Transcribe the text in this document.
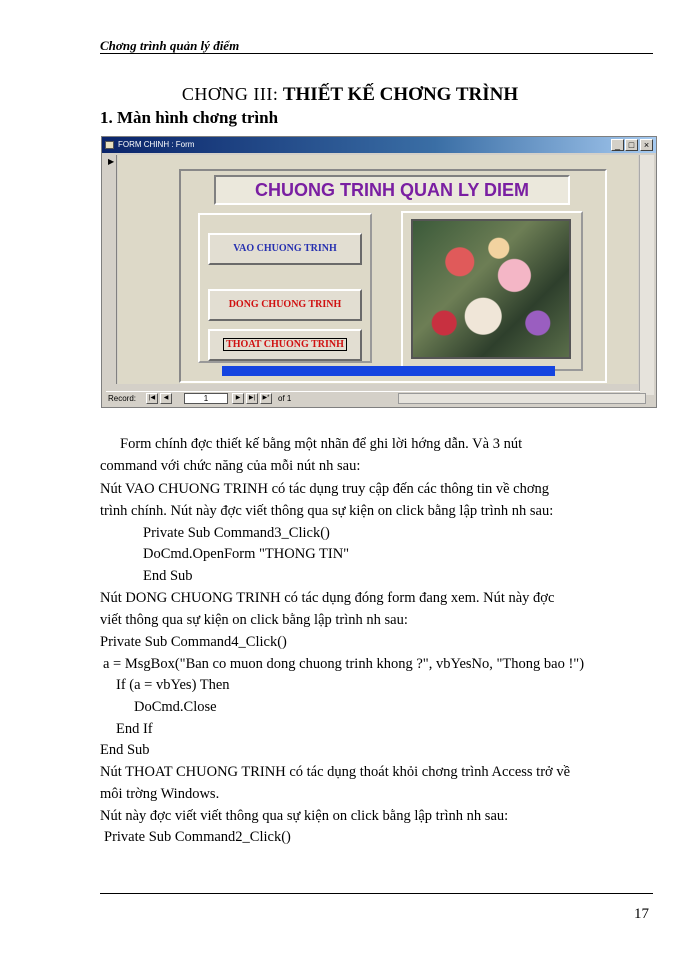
Chơng trình quản lý điểm
CHƠNG III: THIẾT KẾ CHƠNG TRÌNH
1. Màn hình chơng trình
FORM CHINH : Form	_ □	×
▶
CHUONG TRINH QUAN LY DIEM
VAO CHUONG TRINH
DONG CHUONG TRINH
THOAT CHUONG TRINH
Record:	|◀	◀	1	▶	▶|	▶*	of 1
Form chính đợc thiết kế bằng một nhãn để ghi lời hớng dẫn. Và 3 nút
command với chức năng của mỗi nút nh sau:
Nút VAO CHUONG TRINH có tác dụng truy cập đến các thông tin về chơng
trình chính. Nút này đợc viết thông qua sự kiện on click bằng lập trình nh sau:
Private Sub Command3_Click()
DoCmd.OpenForm "THONG TIN"
End Sub
Nút DONG CHUONG TRINH có tác dụng đóng form đang xem. Nút này đợc
viết thông qua sự kiện on click bằng lập trình nh sau:
Private Sub Command4_Click()
a = MsgBox("Ban co muon dong chuong trinh khong ?", vbYesNo, "Thong bao !")
If (a = vbYes) Then
DoCmd.Close
End If
End Sub
Nút THOAT CHUONG TRINH có tác dụng thoát khỏi chơng trình Access trở về
môi trờng Windows.
Nút này đợc viết viết thông qua sự kiện on click bằng lập trình nh sau:
Private Sub Command2_Click()
17
